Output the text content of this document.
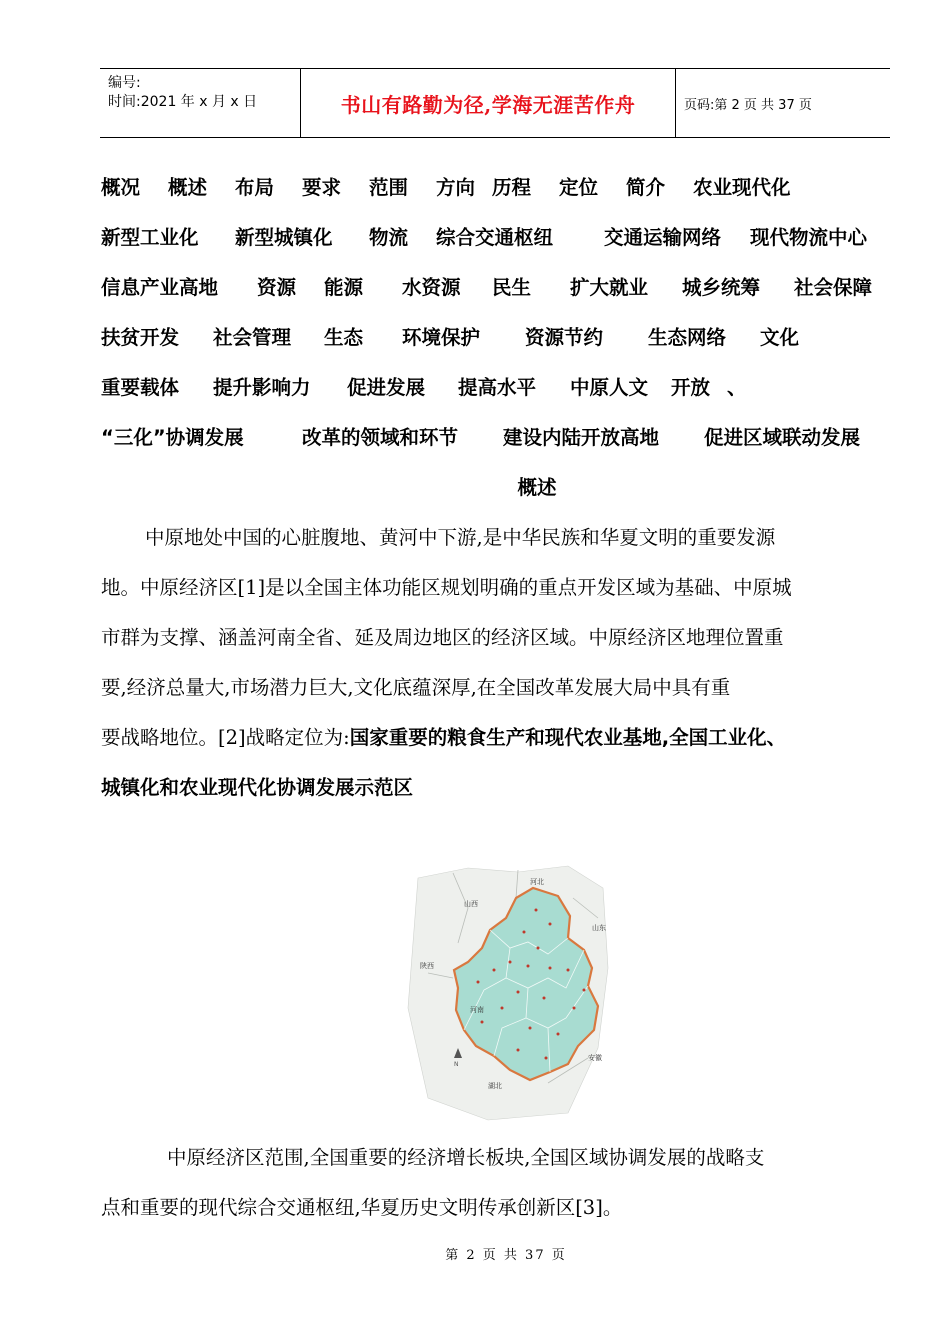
编号:
时间:2021 年 x 月 x 日	书山有路勤为径,学海无涯苦作舟	页码:第 2 页 共 37 页
概况 概述 布局 要求 范围 方向 历程 定位 简介 农业现代化
新型工业化 新型城镇化 物流 综合交通枢纽	交通运输网络 现代物流中心
信息产业高地 资源 能源 水资源 民生 扩大就业 城乡统筹 社会保障
扶贫开发 社会管理 生态 环境保护 资源节约 生态网络 文化
重要载体 提升影响力 促进发展 提高水平 中原人文 开放 、
“三化”协调发展	改革的领域和环节 建设内陆开放高地 促进区域联动发展
概述
中原地处中国的心脏腹地、黄河中下游,是中华民族和华夏文明的重要发源
地。中原经济区[1]是以全国主体功能区规划明确的重点开发区域为基础、中原城
市群为支撑、涵盖河南全省、延及周边地区的经济区域。中原经济区地理位置重
要,经济总量大,市场潜力巨大,文化底蕴深厚,在全国改革发展大局中具有重
要战略地位。[2]战略定位为:国家重要的粮食生产和现代农业基地,全国工业化、
城镇化和农业现代化协调发展示范区
河北
山西
山东
陕西
河南
安徽
湖北
N
中原经济区范围,全国重要的经济增长板块,全国区域协调发展的战略支
点和重要的现代综合交通枢纽,华夏历史文明传承创新区[3]。
第 2 页 共 37 页
